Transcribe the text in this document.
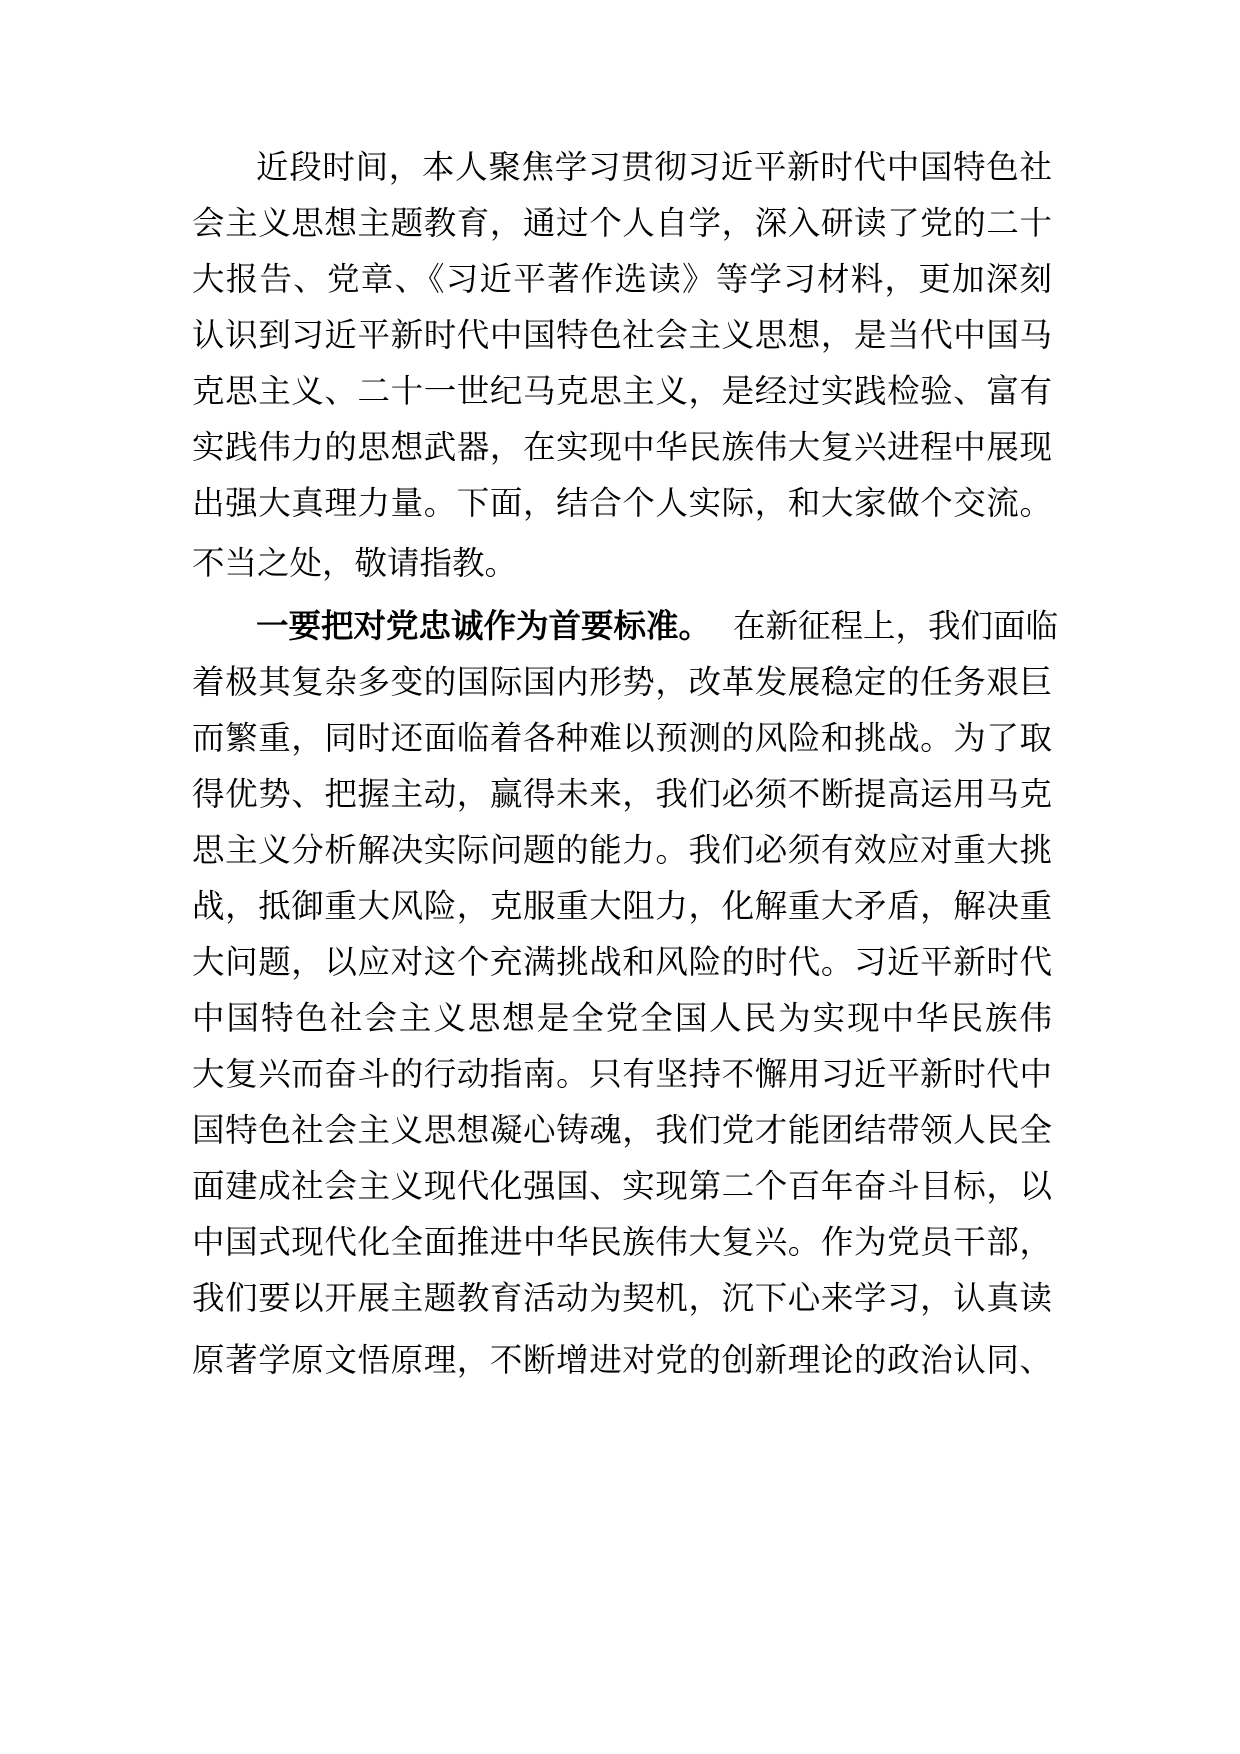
近段时间，本人聚焦学习贯彻习近平新时代中国特色社

会主义思想主题教育，通过个人自学，深入研读了党的二十

大报告、党章、《习近平著作选读》等学习材料，更加深刻

认识到习近平新时代中国特色社会主义思想，是当代中国马

克思主义、二十一世纪马克思主义，是经过实践检验、富有

实践伟力的思想武器，在实现中华民族伟大复兴进程中展现

出强大真理力量。下面，结合个人实际，和大家做个交流。

不当之处，敬请指教。

一要把对党忠诚作为首要标准。 在新征程上，我们面临

着极其复杂多变的国际国内形势，改革发展稳定的任务艰巨

而繁重，同时还面临着各种难以预测的风险和挑战。为了取

得优势、把握主动，赢得未来，我们必须不断提高运用马克

思主义分析解决实际问题的能力。我们必须有效应对重大挑

战，抵御重大风险，克服重大阻力，化解重大矛盾，解决重

大问题，以应对这个充满挑战和风险的时代。习近平新时代

中国特色社会主义思想是全党全国人民为实现中华民族伟

大复兴而奋斗的行动指南。只有坚持不懈用习近平新时代中

国特色社会主义思想凝心铸魂，我们党才能团结带领人民全

面建成社会主义现代化强国、实现第二个百年奋斗目标，以

中国式现代化全面推进中华民族伟大复兴。作为党员干部，

我们要以开展主题教育活动为契机，沉下心来学习，认真读

原著学原文悟原理，不断增进对党的创新理论的政治认同、
